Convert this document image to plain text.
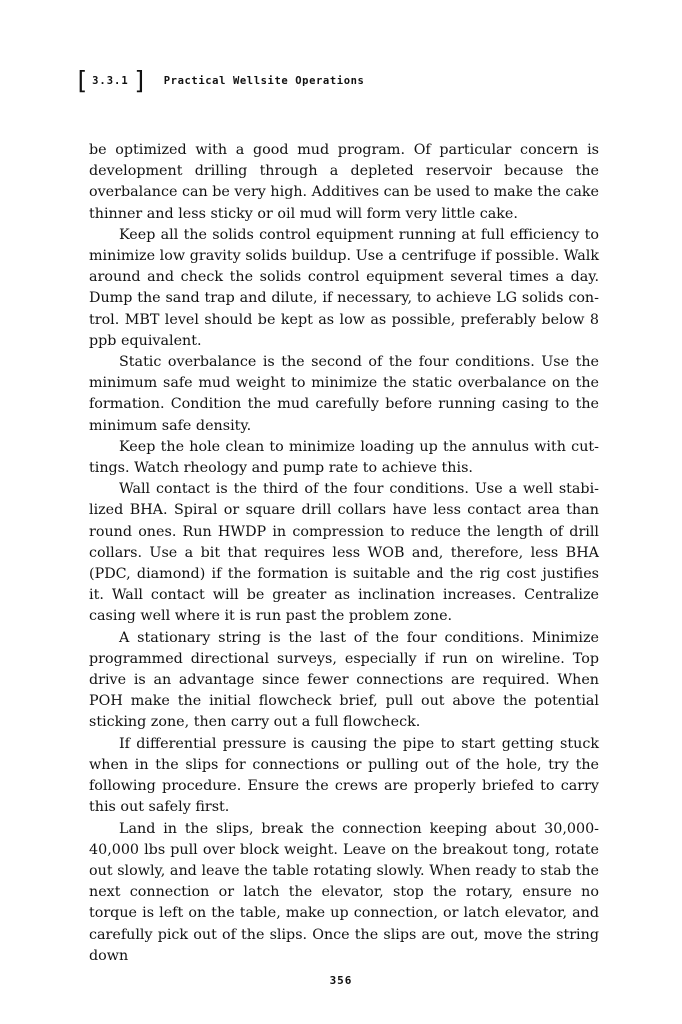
[ 3.3.1 ] Practical Wellsite Operations

be optimized with a good mud program. Of particular concern is development drilling through a depleted reservoir because the overbalance can be very high. Additives can be used to make the cake thinner and less sticky or oil mud will form very little cake.

Keep all the solids control equipment running at full efficiency to minimize low gravity solids buildup. Use a centrifuge if possible. Walk around and check the solids control equipment several times a day. Dump the sand trap and dilute, if necessary, to achieve LG solids control. MBT level should be kept as low as possible, preferably below 8 ppb equivalent.

Static overbalance is the second of the four conditions. Use the minimum safe mud weight to minimize the static overbalance on the formation. Condition the mud carefully before running casing to the minimum safe density.

Keep the hole clean to minimize loading up the annulus with cuttings. Watch rheology and pump rate to achieve this.

Wall contact is the third of the four conditions. Use a well stabilized BHA. Spiral or square drill collars have less contact area than round ones. Run HWDP in compression to reduce the length of drill collars. Use a bit that requires less WOB and, therefore, less BHA (PDC, diamond) if the formation is suitable and the rig cost justifies it. Wall contact will be greater as inclination increases. Centralize casing well where it is run past the problem zone.

A stationary string is the last of the four conditions. Minimize programmed directional surveys, especially if run on wireline. Top drive is an advantage since fewer connections are required. When POH make the initial flowcheck brief, pull out above the potential sticking zone, then carry out a full flowcheck.

If differential pressure is causing the pipe to start getting stuck when in the slips for connections or pulling out of the hole, try the following procedure. Ensure the crews are properly briefed to carry this out safely first.

Land in the slips, break the connection keeping about 30,000-40,000 lbs pull over block weight. Leave on the breakout tong, rotate out slowly, and leave the table rotating slowly. When ready to stab the next connection or latch the elevator, stop the rotary, ensure no torque is left on the table, make up connection, or latch elevator, and carefully pick out of the slips. Once the slips are out, move the string down

356
